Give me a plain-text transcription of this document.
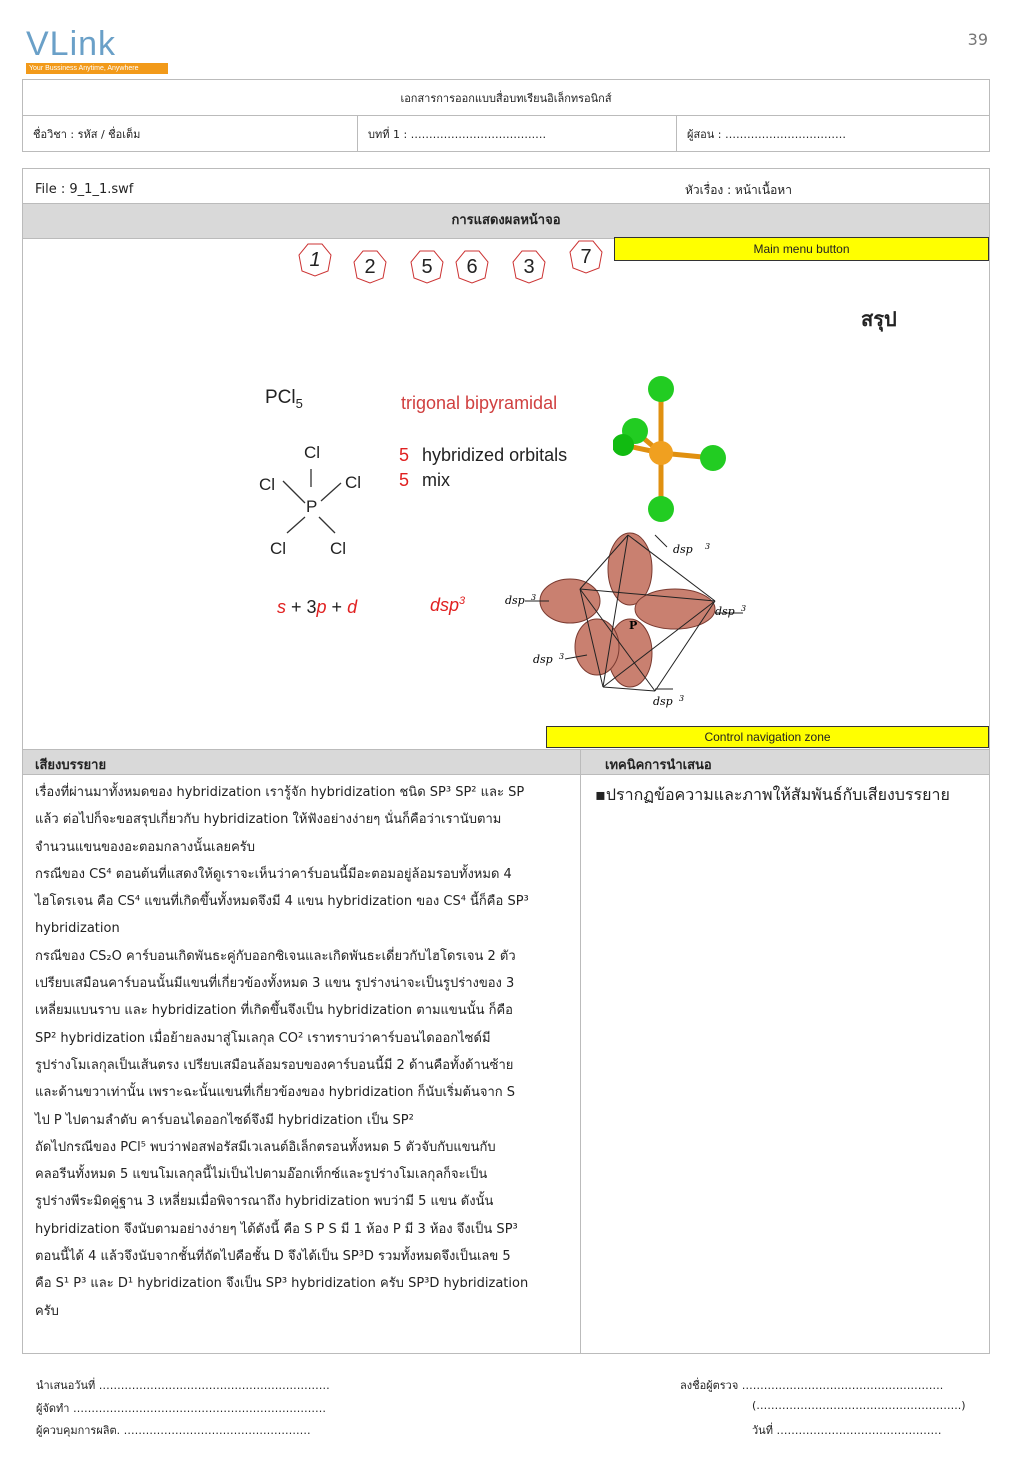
39
VLink
Your Bussiness Anytime, Anywhere
เอกสารการออกแบบสื่อบทเรียนอิเล็กทรอนิกส์
ชื่อวิชา : รหัส / ชื่อเต็ม	บทที่ 1 : …………………………….…	ผู้สอน : ……………………………
File : 9_1_1.swf	หัวเรื่อง : หน้าเนื้อหา
การแสดงผลหน้าจอ
Main menu button
1	2	5	6	3	7
สรุป
PCl$_5$	trigonal bipyramidal
Cl
Cl	Cl
P
Cl	Cl
5 hybridized orbitals
5 mix
s + 3p + d	dsp$^3$
P
dsp 3
dsp 3
dsp 3
dsp 3
dsp 3
Control navigation zone
เสียงบรรยาย	เทคนิคการนำเสนอ
เรื่องที่ผ่านมาทั้งหมดของ hybridization เรารู้จัก hybridization ชนิด SP³ SP² และ SP
แล้ว ต่อไปก็จะขอสรุปเกี่ยวกับ hybridization ให้ฟังอย่างง่ายๆ นั่นก็คือว่าเรานับตาม
จำนวนแขนของอะตอมกลางนั้นเลยครับ
กรณีของ CS⁴ ตอนต้นที่แสดงให้ดูเราจะเห็นว่าคาร์บอนนี้มีอะตอมอยู่ล้อมรอบทั้งหมด 4
ไฮโดรเจน คือ CS⁴ แขนที่เกิดขึ้นทั้งหมดจึงมี 4 แขน hybridization ของ CS⁴ นี้ก็คือ SP³
hybridization
กรณีของ CS₂O คาร์บอนเกิดพันธะคู่กับออกซิเจนและเกิดพันธะเดี่ยวกับไฮโดรเจน 2 ตัว
เปรียบเสมือนคาร์บอนนั้นมีแขนที่เกี่ยวข้องทั้งหมด 3 แขน รูปร่างน่าจะเป็นรูปร่างของ 3
เหลี่ยมแบนราบ และ hybridization ที่เกิดขึ้นจึงเป็น hybridization ตามแขนนั้น ก็คือ
SP² hybridization เมื่อย้ายลงมาสู่โมเลกุล CO² เราทราบว่าคาร์บอนไดออกไซด์มี
รูปร่างโมเลกุลเป็นเส้นตรง เปรียบเสมือนล้อมรอบของคาร์บอนนี้มี 2 ด้านคือทั้งด้านซ้าย
และด้านขวาเท่านั้น เพราะฉะนั้นแขนที่เกี่ยวข้องของ hybridization ก็นับเริ่มต้นจาก S
ไป P ไปตามลำดับ คาร์บอนไดออกไซด์จึงมี hybridization เป็น SP²
ถัดไปกรณีของ PCl⁵ พบว่าฟอสฟอรัสมีเวเลนต์อิเล็กตรอนทั้งหมด 5 ตัวจับกับแขนกับ
คลอรีนทั้งหมด 5 แขนโมเลกุลนี้ไม่เป็นไปตามอ๊อกเท็กซ์และรูปร่างโมเลกุลก็จะเป็น
รูปร่างพีระมิดคู่ฐาน 3 เหลี่ยมเมื่อพิจารณาถึง hybridization พบว่ามี 5 แขน ดังนั้น
hybridization จึงนับตามอย่างง่ายๆ ได้ดังนี้ คือ S P S มี 1 ห้อง P มี 3 ห้อง จึงเป็น SP³
ตอนนี้ได้ 4 แล้วจึงนับจากชั้นที่ถัดไปคือชั้น D จึงได้เป็น SP³D รวมทั้งหมดจึงเป็นเลข 5
คือ S¹ P³ และ D¹ hybridization จึงเป็น SP³ hybridization ครับ SP³D hybridization
ครับ
▪ปรากฏข้อความและภาพให้สัมพันธ์กับเสียงบรรยาย
นำเสนอวันที่ ………………………………………………………
ผู้จัดทำ ……………………………………………………………
ผู้ควบคุมการผลิต. ……………………………………………
ลงชื่อผู้ตรวจ ……………………………………………….
(………………………………………………..)
วันที่ ………………………………………
